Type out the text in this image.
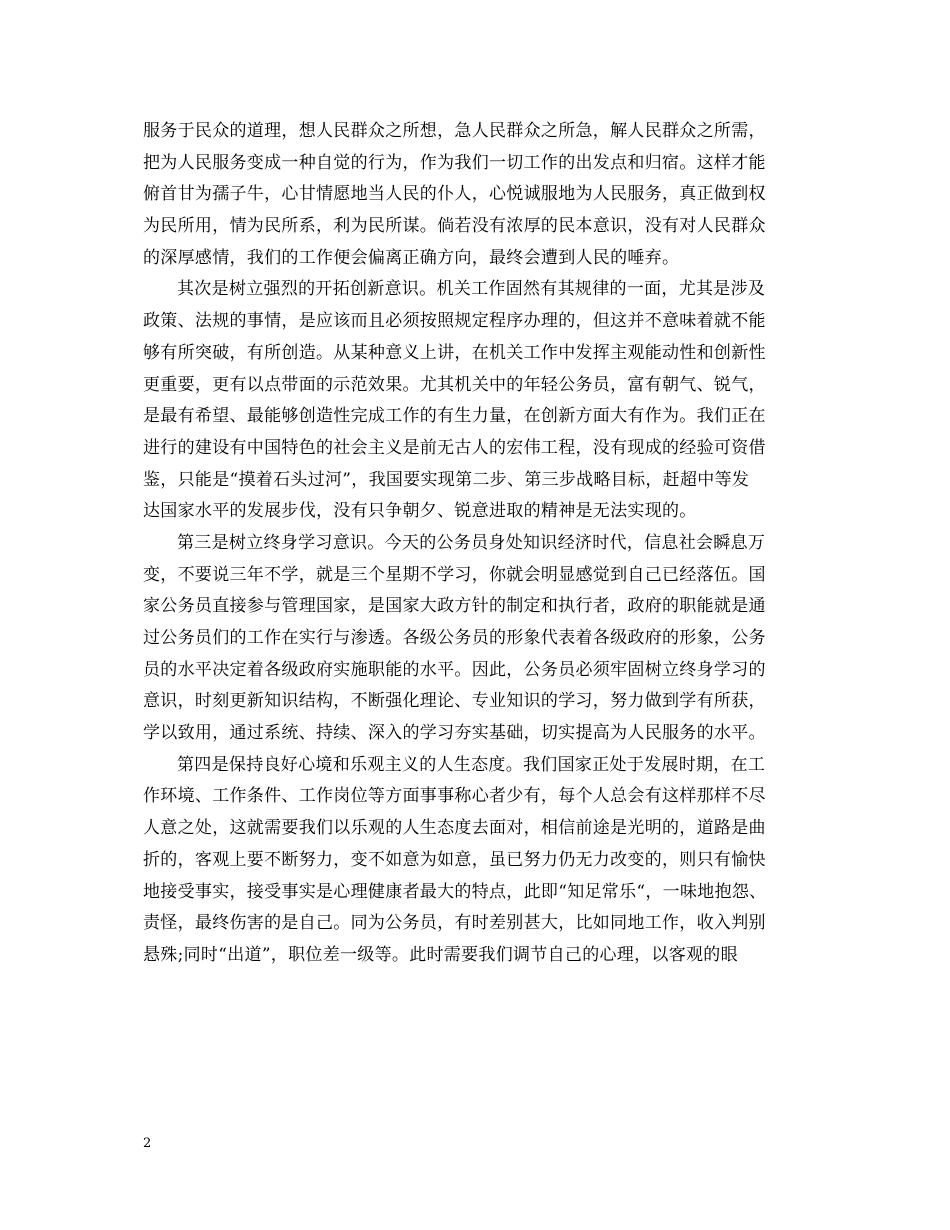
服务于民众的道理，想人民群众之所想，急人民群众之所急，解人民群众之所需，
把为人民服务变成一种自觉的行为，作为我们一切工作的出发点和归宿。这样才能
俯首甘为孺子牛，心甘情愿地当人民的仆人，心悦诚服地为人民服务，真正做到权
为民所用，情为民所系，利为民所谋。倘若没有浓厚的民本意识，没有对人民群众
的深厚感情，我们的工作便会偏离正确方向，最终会遭到人民的唾弃。
其次是树立强烈的开拓创新意识。机关工作固然有其规律的一面，尤其是涉及
政策、法规的事情，是应该而且必须按照规定程序办理的，但这并不意味着就不能
够有所突破，有所创造。从某种意义上讲，在机关工作中发挥主观能动性和创新性
更重要，更有以点带面的示范效果。尤其机关中的年轻公务员，富有朝气、锐气，
是最有希望、最能够创造性完成工作的有生力量，在创新方面大有作为。我们正在
进行的建设有中国特色的社会主义是前无古人的宏伟工程，没有现成的经验可资借
鉴，只能是“摸着石头过河”，我国要实现第二步、第三步战略目标，赶超中等发
达国家水平的发展步伐，没有只争朝夕、锐意进取的精神是无法实现的。
第三是树立终身学习意识。今天的公务员身处知识经济时代，信息社会瞬息万
变，不要说三年不学，就是三个星期不学习，你就会明显感觉到自己已经落伍。国
家公务员直接参与管理国家，是国家大政方针的制定和执行者，政府的职能就是通
过公务员们的工作在实行与渗透。各级公务员的形象代表着各级政府的形象，公务
员的水平决定着各级政府实施职能的水平。因此，公务员必须牢固树立终身学习的
意识，时刻更新知识结构，不断强化理论、专业知识的学习，努力做到学有所获，
学以致用，通过系统、持续、深入的学习夯实基础，切实提高为人民服务的水平。
第四是保持良好心境和乐观主义的人生态度。我们国家正处于发展时期，在工
作环境、工作条件、工作岗位等方面事事称心者少有，每个人总会有这样那样不尽
人意之处，这就需要我们以乐观的人生态度去面对，相信前途是光明的，道路是曲
折的，客观上要不断努力，变不如意为如意，虽已努力仍无力改变的，则只有愉快
地接受事实，接受事实是心理健康者最大的特点，此即“知足常乐“，一味地抱怨、
责怪，最终伤害的是自己。同为公务员，有时差别甚大，比如同地工作，收入判别
悬殊;同时“出道”，职位差一级等。此时需要我们调节自己的心理，以客观的眼
2
